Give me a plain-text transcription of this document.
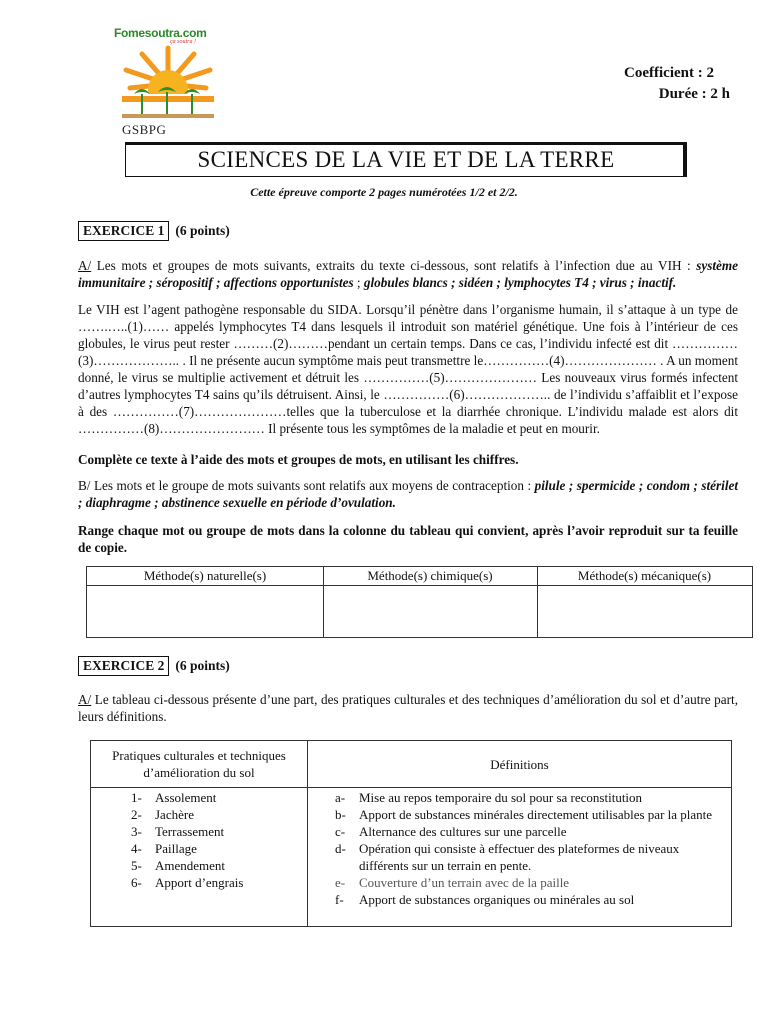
Fomesoutra.com
ça soutra !
GSBPG
Coefficient : 2
Durée : 2 h
SCIENCES DE LA VIE ET DE LA TERRE
Cette épreuve comporte 2 pages numérotées 1/2 et 2/2.
EXERCICE 1 (6 points)
A/ Les mots et groupes de mots suivants, extraits du texte ci-dessous, sont relatifs à l’infection due au VIH : système immunitaire ; séropositif ; affections opportunistes ; globules blancs ; sidéen ; lymphocytes T4 ; virus ; inactif.
Le VIH est l’agent pathogène responsable du SIDA. Lorsqu’il pénètre dans l’organisme humain, il s’attaque à un type de …….…..(1)…… appelés lymphocytes T4 dans lesquels il introduit son matériel génétique. Une fois à l’intérieur de ces globules, le virus peut rester ………(2)………pendant un certain temps. Dans ce cas, l’individu infecté est dit ……………(3)……………….. . Il ne présente aucun symptôme mais peut transmettre le……………(4)………………… . A un moment donné, le virus se multiplie activement et détruit les ……………(5)………………… Les nouveaux virus formés infectent d’autres lymphocytes T4 sains qu’ils détruisent. Ainsi, le ……………(6)……………….. de l’individu s’affaiblit et l’expose à des ……………(7)…………………telles que la tuberculose et la diarrhée chronique. L’individu malade est alors dit ……………(8)…………………… Il présente tous les symptômes de la maladie et peut en mourir.
Complète ce texte à l’aide des mots et groupes de mots, en utilisant les chiffres.
B/ Les mots et le groupe de mots suivants sont relatifs aux moyens de contraception : pilule ; spermicide ; condom ; stérilet ; diaphragme ; abstinence sexuelle en période d’ovulation.
Range chaque mot ou groupe de mots dans la colonne du tableau qui convient, après l’avoir reproduit sur ta feuille de copie.
Méthode(s) naturelle(s)	Méthode(s) chimique(s)	Méthode(s) mécanique(s)
EXERCICE 2 (6 points)
A/ Le tableau ci-dessous présente d’une part, des pratiques culturales et des techniques d’amélioration du sol et d’autre part, leurs définitions.
Pratiques culturales et techniques d’amélioration du sol
Définitions
1- Assolement
2- Jachère
3- Terrassement
4- Paillage
5- Amendement
6- Apport d’engrais
a-	Mise au repos temporaire du sol pour sa reconstitution
b-	Apport de substances minérales directement utilisables par la plante
c-	Alternance des cultures sur une parcelle
d-	Opération qui consiste à effectuer des plateformes de niveaux différents sur un terrain en pente.
e-	Couverture d’un terrain avec de la paille
f-	Apport de substances organiques ou minérales au sol
